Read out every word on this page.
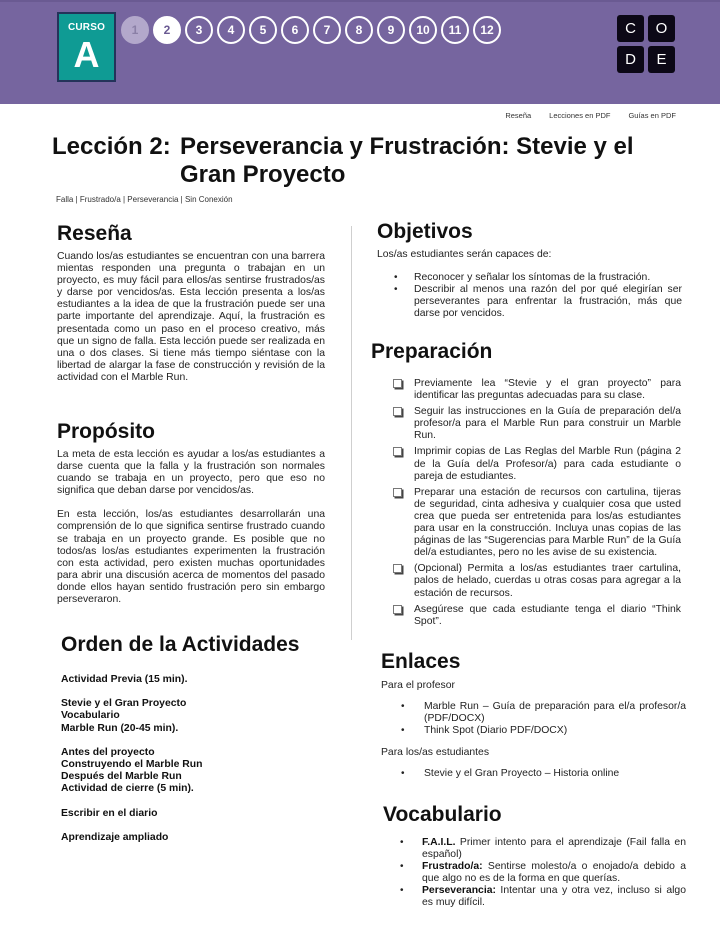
CURSO
A
1	2	3	4	5	6	7	8	9	10	11	12	C	O
D	E
Reseña Lecciones en PDF Guías en PDF
Lección 2: Perseverancia y Frustración: Stevie y el Gran Proyecto
Falla | Frustrado/a | Perseverancia | Sin Conexión
Reseña

Cuando los/as estudiantes se encuentran con una barrera mientas responden una pregunta o trabajan en un proyecto, es muy fácil para ellos/as sentirse frustrados/as y darse por vencidos/as. Esta lección presenta a los/as estudiantes a la idea de que la frustración puede ser una parte importante del aprendizaje. Aquí, la frustración es presentada como un paso en el proceso creativo, más que un signo de falla. Esta lección puede ser realizada en una o dos clases. Si tiene más tiempo siéntase con la libertad de alargar la fase de construcción y revisión de la actividad con el Marble Run.

Propósito

La meta de esta lección es ayudar a los/as estudiantes a darse cuenta que la falla y la frustración son normales cuando se trabaja en un proyecto, pero que eso no significa que deban darse por vencidos/as.

En esta lección, los/as estudiantes desarrollarán una comprensión de lo que significa sentirse frustrado cuando se trabaja en un proyecto grande. Es posible que no todos/as los/as estudiantes experimenten la frustración con esta actividad, pero existen muchas oportunidades para abrir una discusión acerca de momentos del pasado donde ellos hayan sentido frustración pero sin embargo perseveraron.

Orden de la Actividades
Actividad Previa (15 min).
Stevie y el Gran Proyecto
Vocabulario
Marble Run (20-45 min).
Antes del proyecto
Construyendo el Marble Run
Después del Marble Run
Actividad de cierre (5 min).
Escribir en el diario
Aprendizaje ampliado
Objetivos

Los/as estudiantes serán capaces de:

• Reconocer y señalar los síntomas de la frustración.
• Describir al menos una razón del por qué elegirían ser perseverantes para enfrentar la frustración, más que darse por vencidos.
Preparación
Previamente lea “Stevie y el gran proyecto” para identificar las preguntas adecuadas para su clase.
Seguir las instrucciones en la Guía de preparación del/a profesor/a para el Marble Run para construir un Marble Run.
Imprimir copias de Las Reglas del Marble Run (página 2 de la Guía del/a Profesor/a) para cada estudiante o pareja de estudiantes.
Preparar una estación de recursos con cartulina, tijeras de seguridad, cinta adhesiva y cualquier cosa que usted crea que pueda ser entretenida para los/as estudiantes para usar en la construcción. Incluya unas copias de las páginas de las “Sugerencias para Marble Run” de la Guía del/a estudiantes, pero no les avise de su existencia.
(Opcional) Permita a los/as estudiantes traer cartulina, palos de helado, cuerdas u otras cosas para agregar a la estación de recursos.
Asegúrese que cada estudiante tenga el diario “Think Spot”.
Enlaces

Para el profesor

• Marble Run – Guía de preparación para el/a profesor/a (PDF/DOCX)
• Think Spot (Diario PDF/DOCX)

Para los/as estudiantes

• Stevie y el Gran Proyecto – Historia online
Vocabulario
• F.A.I.L. Primer intento para el aprendizaje (Fail falla en español)
• Frustrado/a: Sentirse molesto/a o enojado/a debido a que algo no es de la forma en que querías.
• Perseverancia: Intentar una y otra vez, incluso si algo es muy difícil.
